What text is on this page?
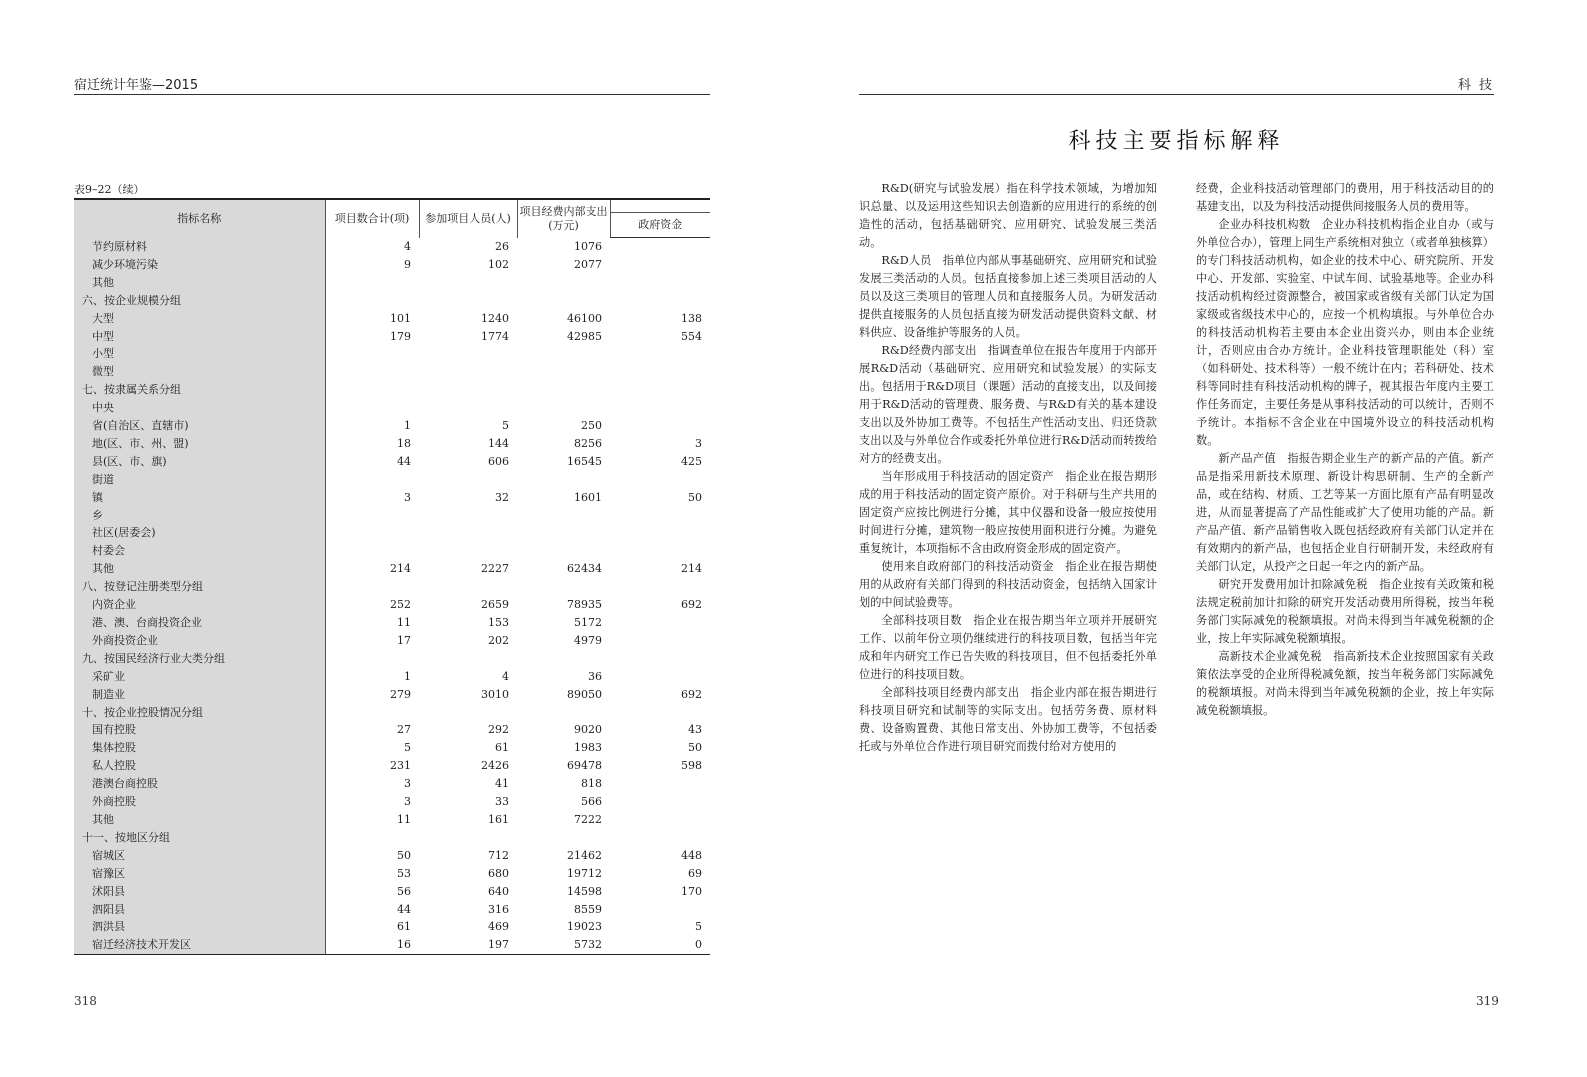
宿迁统计年鉴—2015
表9–22（续）
指标名称	项目数合计(项)	参加项目人员(人)	项目经费内部支出(万元)	
				政府资金
节约原材料	4	26	1076	
减少环境污染	9	102	2077	
其他				
六、按企业规模分组				
大型	101	1240	46100	138
中型	179	1774	42985	554
小型				
微型				
七、按隶属关系分组				
中央				
省(自治区、直辖市)	1	5	250	
地(区、市、州、盟)	18	144	8256	3
县(区、市、旗)	44	606	16545	425
街道				
镇	3	32	1601	50
乡				
社区(居委会)				
村委会				
其他	214	2227	62434	214
八、按登记注册类型分组				
内资企业	252	2659	78935	692
港、澳、台商投资企业	11	153	5172	
外商投资企业	17	202	4979	
九、按国民经济行业大类分组				
采矿业	1	4	36	
制造业	279	3010	89050	692
十、按企业控股情况分组				
国有控股	27	292	9020	43
集体控股	5	61	1983	50
私人控股	231	2426	69478	598
港澳台商控股	3	41	818	
外商控股	3	33	566	
其他	11	161	7222	
十一、按地区分组				
宿城区	50	712	21462	448
宿豫区	53	680	19712	69
沭阳县	56	640	14598	170
泗阳县	44	316	8559	
泗洪县	61	469	19023	5
宿迁经济技术开发区	16	197	5732	0
318
科 技
科技主要指标解释

R&D(研究与试验发展）指在科学技术领域，为增加知识总量、以及运用这些知识去创造新的应用进行的系统的创造性的活动，包括基础研究、应用研究、试验发展三类活动。

R&D人员　指单位内部从事基础研究、应用研究和试验发展三类活动的人员。包括直接参加上述三类项目活动的人员以及这三类项目的管理人员和直接服务人员。为研发活动提供直接服务的人员包括直接为研发活动提供资料文献、材料供应、设备维护等服务的人员。

R&D经费内部支出　指调查单位在报告年度用于内部开展R&D活动（基础研究、应用研究和试验发展）的实际支出。包括用于R&D项目（课题）活动的直接支出，以及间接用于R&D活动的管理费、服务费、与R&D有关的基本建设支出以及外协加工费等。不包括生产性活动支出、归还贷款支出以及与外单位合作或委托外单位进行R&D活动而转拨给对方的经费支出。

当年形成用于科技活动的固定资产　指企业在报告期形成的用于科技活动的固定资产原价。对于科研与生产共用的固定资产应按比例进行分摊，其中仪器和设备一般应按使用时间进行分摊，建筑物一般应按使用面积进行分摊。为避免重复统计，本项指标不含由政府资金形成的固定资产。

使用来自政府部门的科技活动资金　指企业在报告期使用的从政府有关部门得到的科技活动资金，包括纳入国家计划的中间试验费等。

全部科技项目数　指企业在报告期当年立项并开展研究工作、以前年份立项仍继续进行的科技项目数，包括当年完成和年内研究工作已告失败的科技项目，但不包括委托外单位进行的科技项目数。

全部科技项目经费内部支出　指企业内部在报告期进行科技项目研究和试制等的实际支出。包括劳务费、原材料费、设备购置费、其他日常支出、外协加工费等，不包括委托或与外单位合作进行项目研究而拨付给对方使用的

经费，企业科技活动管理部门的费用，用于科技活动目的的基建支出，以及为科技活动提供间接服务人员的费用等。

企业办科技机构数　企业办科技机构指企业自办（或与外单位合办），管理上同生产系统相对独立（或者单独核算）的专门科技活动机构，如企业的技术中心、研究院所、开发中心、开发部、实验室、中试车间、试验基地等。企业办科技活动机构经过资源整合，被国家或省级有关部门认定为国家级或省级技术中心的，应按一个机构填报。与外单位合办的科技活动机构若主要由本企业出资兴办，则由本企业统计，否则应由合办方统计。企业科技管理职能处（科）室（如科研处、技术科等）一般不统计在内；若科研处、技术科等同时挂有科技活动机构的牌子，视其报告年度内主要工作任务而定，主要任务是从事科技活动的可以统计，否则不予统计。本指标不含企业在中国境外设立的科技活动机构数。

新产品产值　指报告期企业生产的新产品的产值。新产品是指采用新技术原理、新设计构思研制、生产的全新产品，或在结构、材质、工艺等某一方面比原有产品有明显改进，从而显著提高了产品性能或扩大了使用功能的产品。新产品产值、新产品销售收入既包括经政府有关部门认定并在有效期内的新产品，也包括企业自行研制开发，未经政府有关部门认定，从投产之日起一年之内的新产品。

研究开发费用加计扣除减免税　指企业按有关政策和税法规定税前加计扣除的研究开发活动费用所得税，按当年税务部门实际减免的税额填报。对尚未得到当年减免税额的企业，按上年实际减免税额填报。

高新技术企业减免税　指高新技术企业按照国家有关政策依法享受的企业所得税减免额，按当年税务部门实际减免的税额填报。对尚未得到当年减免税额的企业，按上年实际减免税额填报。

319
